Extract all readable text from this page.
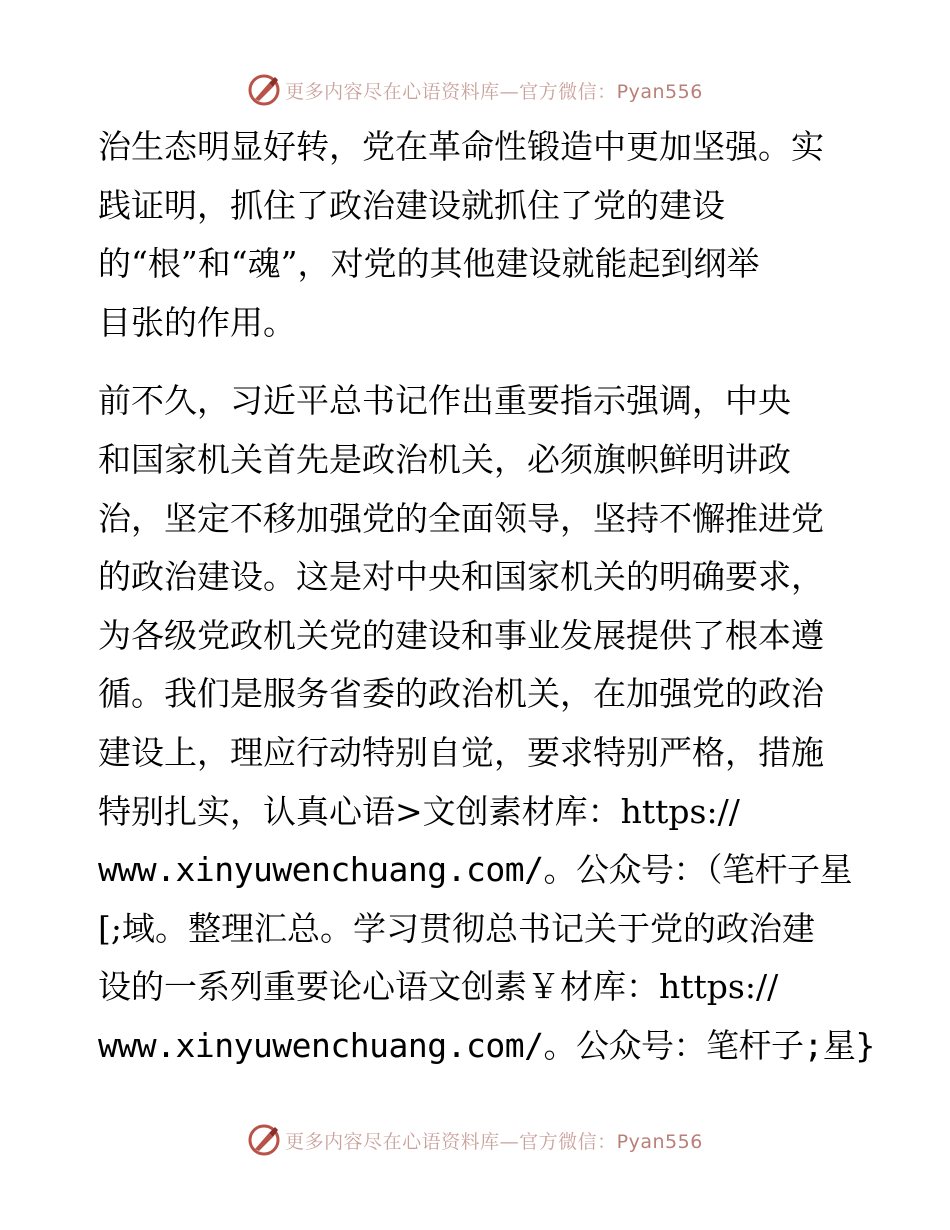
更多内容尽在心语资料库—官方微信：Pyan556

治生态明显好转，党在革命性锻造中更加坚强。实

践证明，抓住了政治建设就抓住了党的建设

的“根”和“魂”，对党的其他建设就能起到纲举

目张的作用。

前不久，习近平总书记作出重要指示强调，中央

和国家机关首先是政治机关，必须旗帜鲜明讲政

治，坚定不移加强党的全面领导，坚持不懈推进党

的政治建设。这是对中央和国家机关的明确要求，

为各级党政机关党的建设和事业发展提供了根本遵

循。我们是服务省委的政治机关，在加强党的政治

建设上，理应行动特别自觉，要求特别严格，措施

特别扎实，认真心语>文创素材库：https://

www.xinyuwenchuang.com/。公众号：（笔杆子星

[;域。整理汇总。学习贯彻总书记关于党的政治建

设的一系列重要论心语文创素￥材库：https://

www.xinyuwenchuang.com/。公众号：笔杆子;星}

更多内容尽在心语资料库—官方微信：Pyan556
